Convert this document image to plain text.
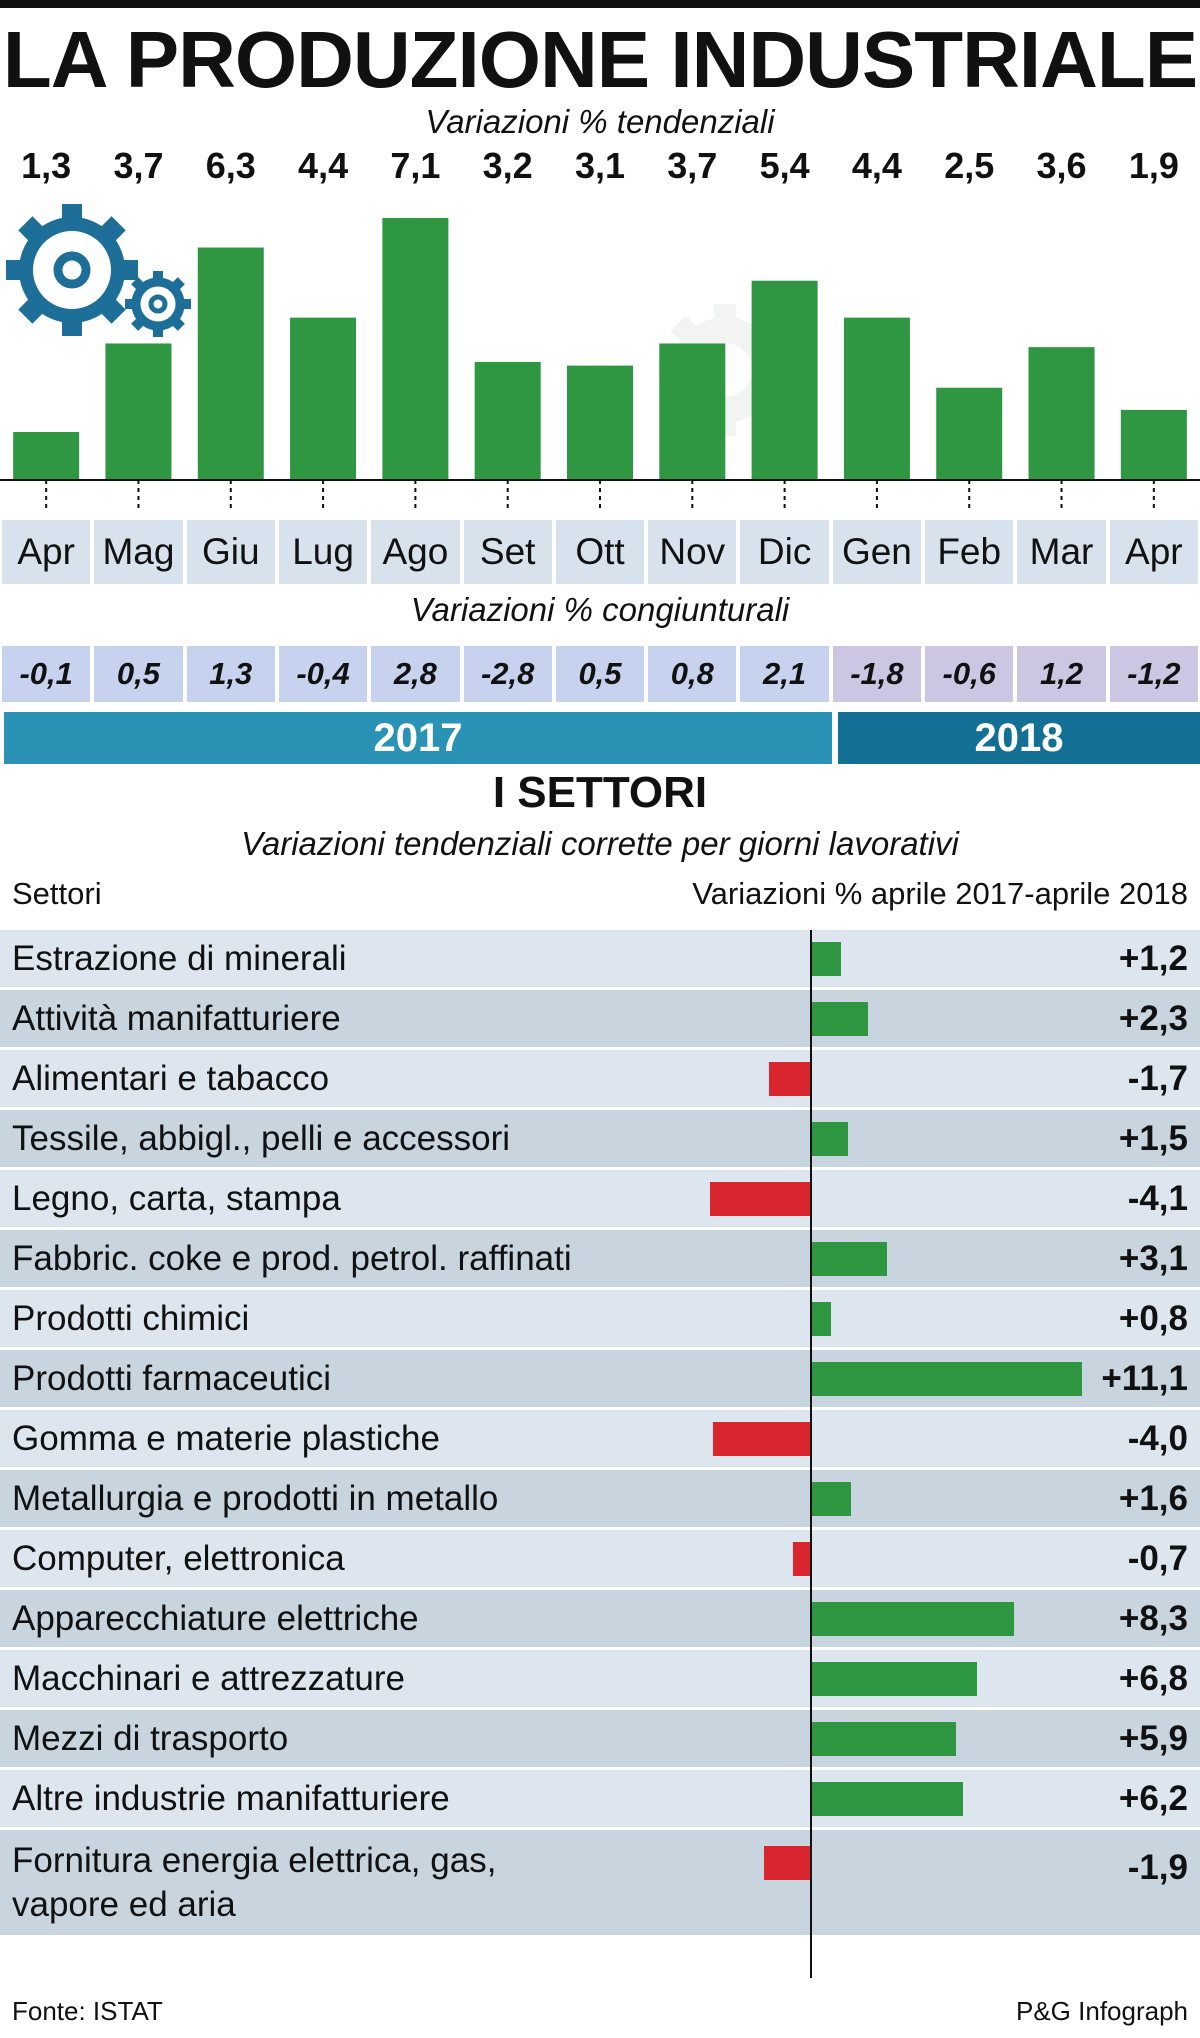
LA PRODUZIONE INDUSTRIALE
Variazioni % tendenziali
1,3 3,7 6,3 4,4 7,1 3,2 3,1 3,7 5,4 4,4 2,5 3,6 1,9
Apr Mag Giu Lug Ago Set	Ott Nov Dic Gen Feb Mar Apr
Variazioni % congiunturali
-0,1	0,5	1,3	-0,4	2,8	-2,8	0,5	0,8	2,1	-1,8	-0,6	1,2	-1,2
2017	2018
I SETTORI
Variazioni tendenziali corrette per giorni lavorativi
Settori	Variazioni % aprile 2017-aprile 2018
Estrazione di minerali	+1,2
Attività manifatturiere	+2,3
Alimentari e tabacco	-1,7
Tessile, abbigl., pelli e accessori	+1,5
Legno, carta, stampa	-4,1
Fabbric. coke e prod. petrol. raffinati	+3,1
Prodotti chimici	+0,8
Prodotti farmaceutici	+11,1
Gomma e materie plastiche	-4,0
Metallurgia e prodotti in metallo	+1,6
Computer, elettronica	-0,7
Apparecchiature elettriche	+8,3
Macchinari e attrezzature	+6,8
Mezzi di trasporto	+5,9
Altre industrie manifatturiere	+6,2
Fornitura energia elettrica, gas,
vapore ed aria
-1,9
Fonte: ISTAT	P&G Infograph
